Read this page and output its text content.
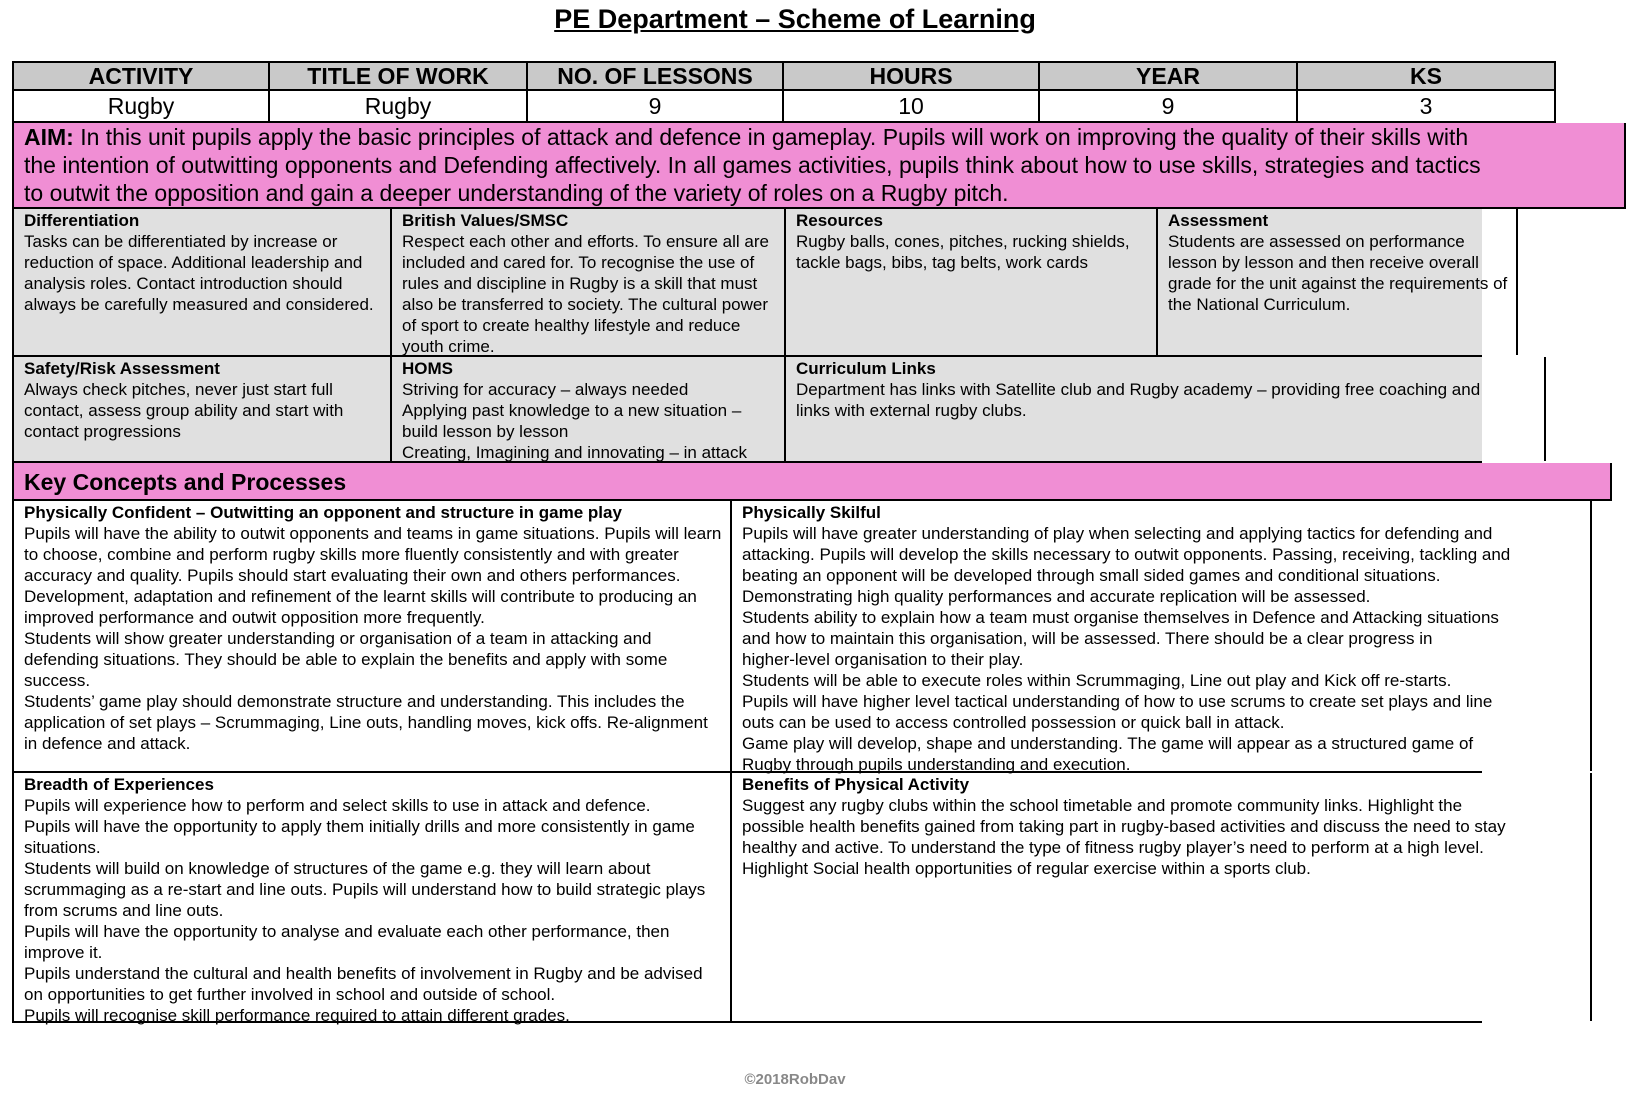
PE Department – Scheme of Learning
ACTIVITY	TITLE OF WORK	NO. OF LESSONS	HOURS	YEAR	KS
Rugby	Rugby	9	10	9	3
AIM: In this unit pupils apply the basic principles of attack and defence in gameplay. Pupils will work on improving the quality of their skills with
the intention of outwitting opponents and Defending affectively. In all games activities, pupils think about how to use skills, strategies and tactics
to outwit the opposition and gain a deeper understanding of the variety of roles on a Rugby pitch.
Differentiation
Tasks can be differentiated by increase or reduction of space. Additional leadership and analysis roles. Contact introduction should always be carefully measured and considered.
British Values/SMSC
Respect each other and efforts. To ensure all are included and cared for. To recognise the use of rules and discipline in Rugby is a skill that must also be transferred to society. The cultural power of sport to create healthy lifestyle and reduce youth crime.
Resources
Rugby balls, cones, pitches, rucking shields, tackle bags, bibs, tag belts, work cards
Assessment
Students are assessed on performance lesson by lesson and then receive overall grade for the unit against the requirements of the National Curriculum.
Safety/Risk Assessment
Always check pitches, never just start full contact, assess group ability and start with contact progressions
HOMS
Striving for accuracy – always needed
Applying past knowledge to a new situation – build lesson by lesson
Creating, Imagining and innovating – in attack
Curriculum Links
Department has links with Satellite club and Rugby academy – providing free coaching and
links with external rugby clubs.
Key Concepts and Processes
Physically Confident – Outwitting an opponent and structure in game play
Pupils will have the ability to outwit opponents and teams in game situations. Pupils will learn to choose, combine and perform rugby skills more fluently consistently and with greater accuracy and quality. Pupils should start evaluating their own and others performances. Development, adaptation and refinement of the learnt skills will contribute to producing an improved performance and outwit opposition more frequently.
Students will show greater understanding or organisation of a team in attacking and defending situations. They should be able to explain the benefits and apply with some success.
Students’ game play should demonstrate structure and understanding. This includes the application of set plays – Scrummaging, Line outs, handling moves, kick offs. Re-alignment in defence and attack.
Physically Skilful
Pupils will have greater understanding of play when selecting and applying tactics for defending and
attacking. Pupils will develop the skills necessary to outwit opponents. Passing, receiving, tackling and
beating an opponent will be developed through small sided games and conditional situations.
Demonstrating high quality performances and accurate replication will be assessed.
Students ability to explain how a team must organise themselves in Defence and Attacking situations
and how to maintain this organisation, will be assessed. There should be a clear progress in
higher-level organisation to their play.
Students will be able to execute roles within Scrummaging, Line out play and Kick off re-starts.
Pupils will have higher level tactical understanding of how to use scrums to create set plays and line
outs can be used to access controlled possession or quick ball in attack.
Game play will develop, shape and understanding. The game will appear as a structured game of
Rugby through pupils understanding and execution.
Breadth of Experiences
Pupils will experience how to perform and select skills to use in attack and defence.
Pupils will have the opportunity to apply them initially drills and more consistently in game situations.
Students will build on knowledge of structures of the game e.g. they will learn about scrummaging as a re-start and line outs. Pupils will understand how to build strategic plays from scrums and line outs.
Pupils will have the opportunity to analyse and evaluate each other performance, then improve it.
Pupils understand the cultural and health benefits of involvement in Rugby and be advised on opportunities to get further involved in school and outside of school.
Pupils will recognise skill performance required to attain different grades.
Benefits of Physical Activity
Suggest any rugby clubs within the school timetable and promote community links. Highlight the
possible health benefits gained from taking part in rugby-based activities and discuss the need to stay
healthy and active. To understand the type of fitness rugby player’s need to perform at a high level.
Highlight Social health opportunities of regular exercise within a sports club.
©2018RobDav
